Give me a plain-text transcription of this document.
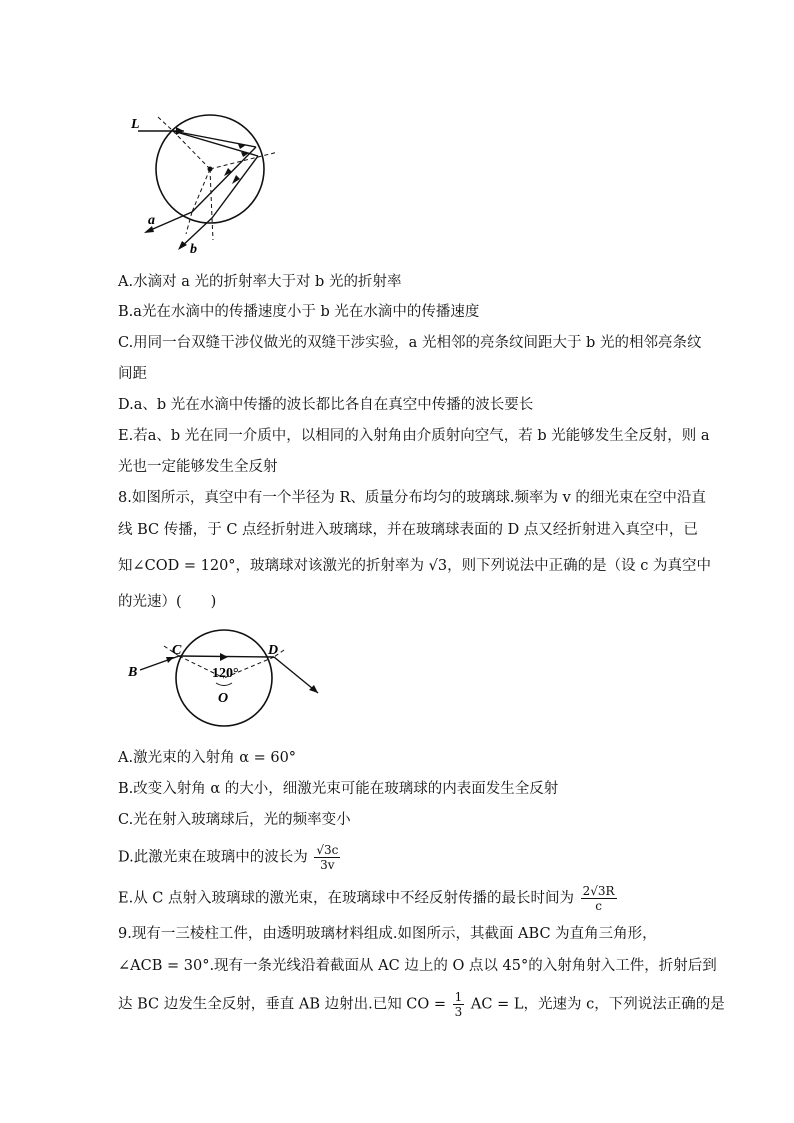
L
a
b
A.水滴对 a 光的折射率大于对 b 光的折射率
B.a光在水滴中的传播速度小于 b 光在水滴中的传播速度
C.用同一台双缝干涉仪做光的双缝干涉实验，a 光相邻的亮条纹间距大于 b 光的相邻亮条纹
间距
D.a、b 光在水滴中传播的波长都比各自在真空中传播的波长要长
E.若a、b 光在同一介质中，以相同的入射角由介质射向空气，若 b 光能够发生全反射，则 a
光也一定能够发生全反射
8.如图所示，真空中有一个半径为 R、质量分布均匀的玻璃球.频率为 v 的细光束在空中沿直
线 BC 传播，于 C 点经折射进入玻璃球，并在玻璃球表面的 D 点又经折射进入真空中，已
知∠COD = 120°，玻璃球对该激光的折射率为 √3，则下列说法中正确的是（设 c 为真空中
的光速）(　　)
B
C	D
120°
O
A.激光束的入射角 α = 60°
B.改变入射角 α 的大小，细激光束可能在玻璃球的内表面发生全反射
C.光在射入玻璃球后，光的频率变小
D.此激光束在玻璃中的波长为 $\frac{√3c}{3v}$
E.从 C 点射入玻璃球的激光束，在玻璃球中不经反射传播的最长时间为 $\frac{2√3R}{c}$
9.现有一三棱柱工件，由透明玻璃材料组成.如图所示，其截面 ABC 为直角三角形，
∠ACB = 30°.现有一条光线沿着截面从 AC 边上的 O 点以 45°的入射角射入工件，折射后到
达 BC 边发生全反射，垂直 AB 边射出.已知 CO = $\frac{1}{3}$ AC = L，光速为 c，下列说法正确的是
